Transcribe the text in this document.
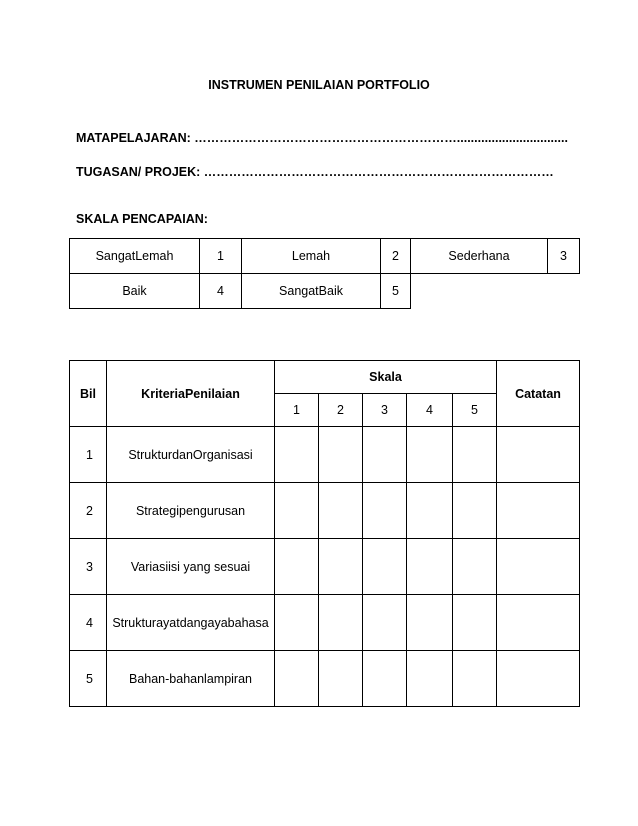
INSTRUMEN PENILAIAN PORTFOLIO
MATAPELAJARAN: ………………………………………………………................................
TUGASAN/ PROJEK: …………………………………………………………………………
SKALA PENCAPAIAN:
SangatLemah	1	Lemah	2	Sederhana	3
Baik	4	SangatBaik	5		
Bil	KriteriaPenilaian	Skala					Catatan
		1	2	3	4	5	
1	StrukturdanOrganisasi						
2	Strategipengurusan						
3	Variasiisi yang sesuai						
4	Strukturayatdangayabahasa						
5	Bahan-bahanlampiran						
